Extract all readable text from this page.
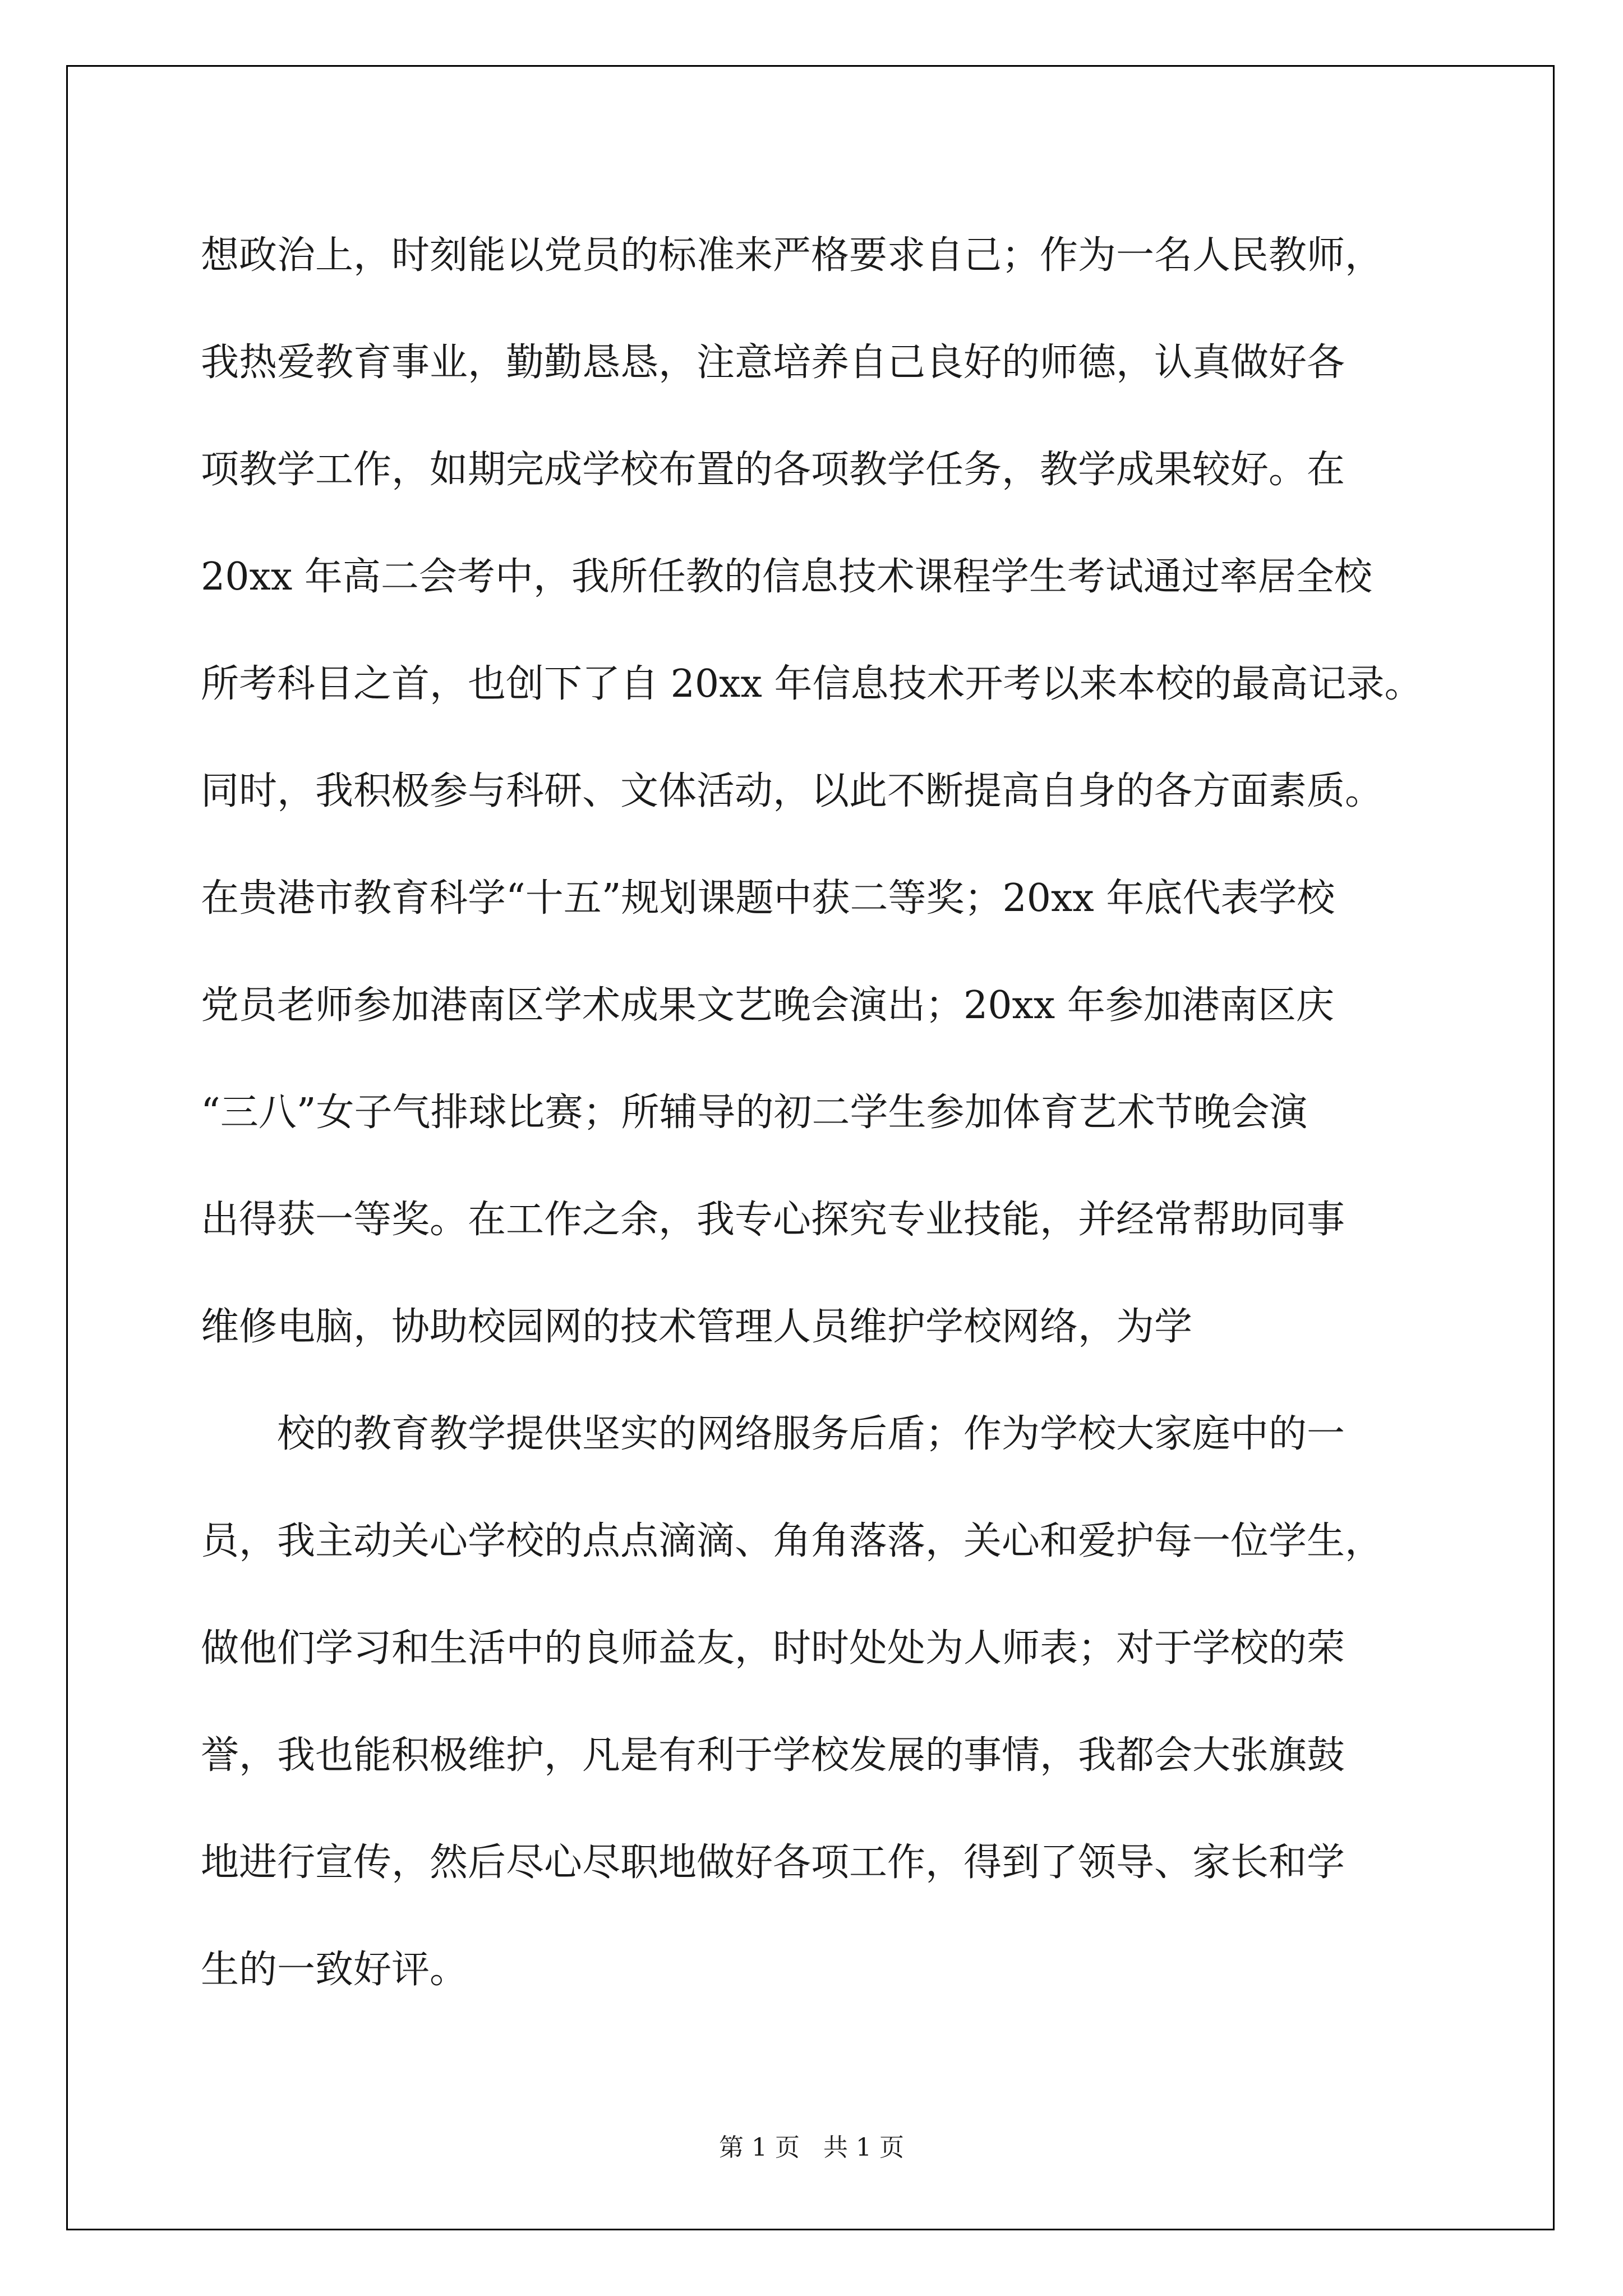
想政治上，时刻能以党员的标准来严格要求自己；作为一名人民教师，

我热爱教育事业，勤勤恳恳，注意培养自己良好的师德，认真做好各

项教学工作，如期完成学校布置的各项教学任务，教学成果较好。在

20xx 年高二会考中，我所任教的信息技术课程学生考试通过率居全校

所考科目之首，也创下了自 20xx 年信息技术开考以来本校的最高记录。

同时，我积极参与科研、文体活动，以此不断提高自身的各方面素质。

在贵港市教育科学“十五”规划课题中获二等奖；20xx 年底代表学校

党员老师参加港南区学术成果文艺晚会演出；20xx 年参加港南区庆

“三八”女子气排球比赛；所辅导的初二学生参加体育艺术节晚会演

出得获一等奖。在工作之余，我专心探究专业技能，并经常帮助同事

维修电脑，协助校园网的技术管理人员维护学校网络，为学

校的教育教学提供坚实的网络服务后盾；作为学校大家庭中的一

员，我主动关心学校的点点滴滴、角角落落，关心和爱护每一位学生，

做他们学习和生活中的良师益友，时时处处为人师表；对于学校的荣

誉，我也能积极维护，凡是有利于学校发展的事情，我都会大张旗鼓

地进行宣传，然后尽心尽职地做好各项工作，得到了领导、家长和学

生的一致好评。

第 1 页 共 1 页
